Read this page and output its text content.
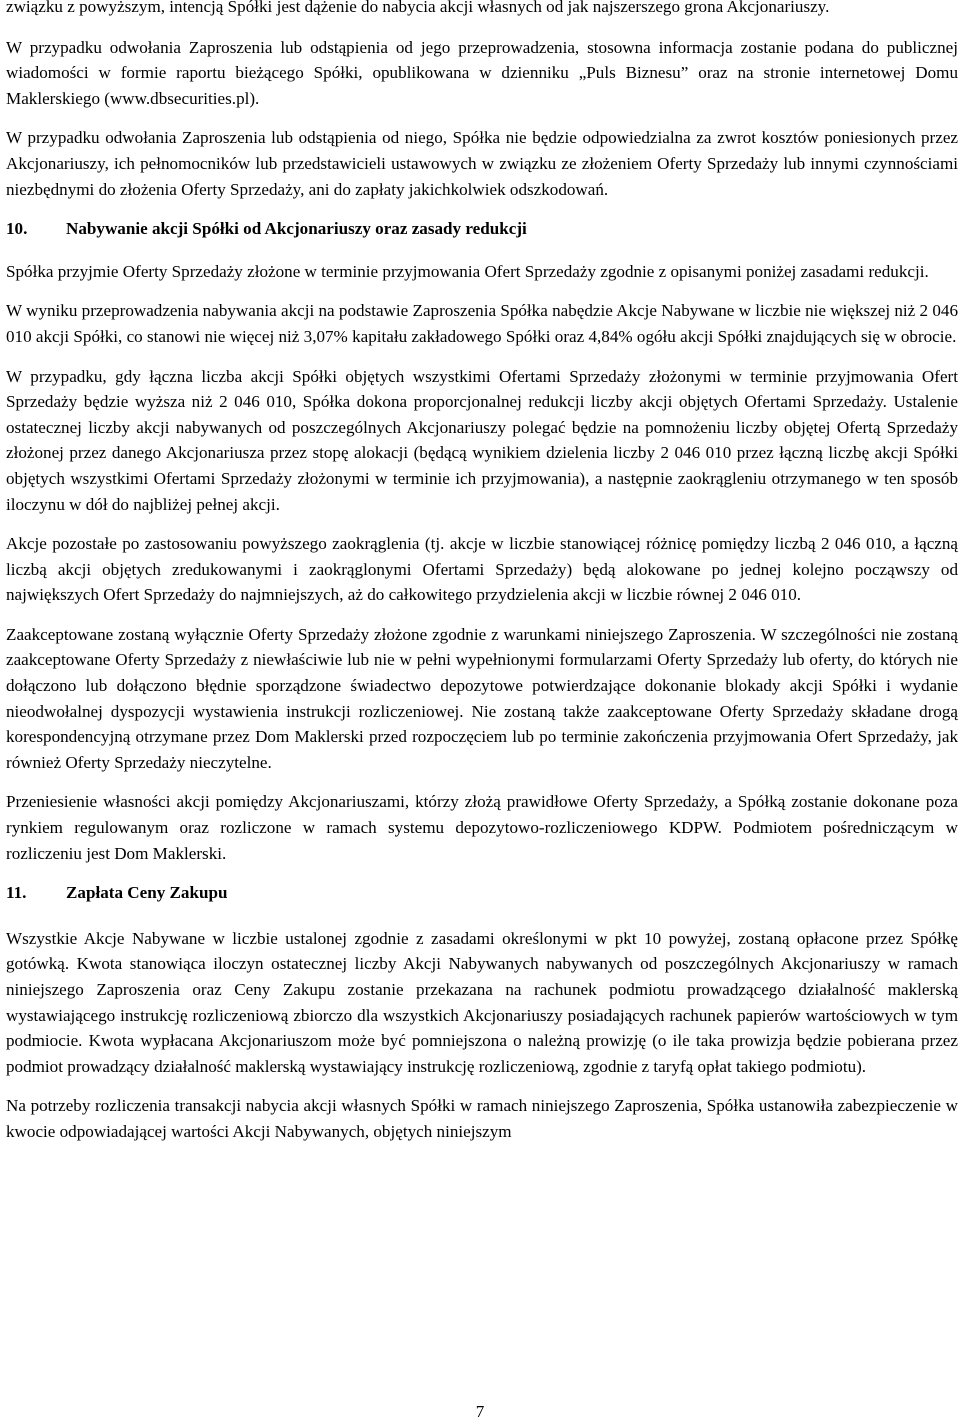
związku z powyższym, intencją Spółki jest dążenie do nabycia akcji własnych od jak najszerszego grona Akcjonariuszy.

W przypadku odwołania Zaproszenia lub odstąpienia od jego przeprowadzenia, stosowna informacja zostanie podana do publicznej wiadomości w formie raportu bieżącego Spółki, opublikowana w dzienniku „Puls Biznesu” oraz na stronie internetowej Domu Maklerskiego (www.dbsecurities.pl).

W przypadku odwołania Zaproszenia lub odstąpienia od niego, Spółka nie będzie odpowiedzialna za zwrot kosztów poniesionych przez Akcjonariuszy, ich pełnomocników lub przedstawicieli ustawowych w związku ze złożeniem Oferty Sprzedaży lub innymi czynnościami niezbędnymi do złożenia Oferty Sprzedaży, ani do zapłaty jakichkolwiek odszkodowań.

10.	Nabywanie akcji Spółki od Akcjonariuszy oraz zasady redukcji

Spółka przyjmie Oferty Sprzedaży złożone w terminie przyjmowania Ofert Sprzedaży zgodnie z opisanymi poniżej zasadami redukcji.

W wyniku przeprowadzenia nabywania akcji na podstawie Zaproszenia Spółka nabędzie Akcje Nabywane w liczbie nie większej niż 2 046 010 akcji Spółki, co stanowi nie więcej niż 3,07% kapitału zakładowego Spółki oraz 4,84% ogółu akcji Spółki znajdujących się w obrocie.

W przypadku, gdy łączna liczba akcji Spółki objętych wszystkimi Ofertami Sprzedaży złożonymi w terminie przyjmowania Ofert Sprzedaży będzie wyższa niż 2 046 010, Spółka dokona proporcjonalnej redukcji liczby akcji objętych Ofertami Sprzedaży. Ustalenie ostatecznej liczby akcji nabywanych od poszczególnych Akcjonariuszy polegać będzie na pomnożeniu liczby objętej Ofertą Sprzedaży złożonej przez danego Akcjonariusza przez stopę alokacji (będącą wynikiem dzielenia liczby 2 046 010 przez łączną liczbę akcji Spółki objętych wszystkimi Ofertami Sprzedaży złożonymi w terminie ich przyjmowania), a następnie zaokrągleniu otrzymanego w ten sposób iloczynu w dół do najbliżej pełnej akcji.

Akcje pozostałe po zastosowaniu powyższego zaokrąglenia (tj. akcje w liczbie stanowiącej różnicę pomiędzy liczbą 2 046 010, a łączną liczbą akcji objętych zredukowanymi i zaokrąglonymi Ofertami Sprzedaży) będą alokowane po jednej kolejno począwszy od największych Ofert Sprzedaży do najmniejszych, aż do całkowitego przydzielenia akcji w liczbie równej 2 046 010.

Zaakceptowane zostaną wyłącznie Oferty Sprzedaży złożone zgodnie z warunkami niniejszego Zaproszenia. W szczególności nie zostaną zaakceptowane Oferty Sprzedaży z niewłaściwie lub nie w pełni wypełnionymi formularzami Oferty Sprzedaży lub oferty, do których nie dołączono lub dołączono błędnie sporządzone świadectwo depozytowe potwierdzające dokonanie blokady akcji Spółki i wydanie nieodwołalnej dyspozycji wystawienia instrukcji rozliczeniowej. Nie zostaną także zaakceptowane Oferty Sprzedaży składane drogą korespondencyjną otrzymane przez Dom Maklerski przed rozpoczęciem lub po terminie zakończenia przyjmowania Ofert Sprzedaży, jak również Oferty Sprzedaży nieczytelne.

Przeniesienie własności akcji pomiędzy Akcjonariuszami, którzy złożą prawidłowe Oferty Sprzedaży, a Spółką zostanie dokonane poza rynkiem regulowanym oraz rozliczone w ramach systemu depozytowo-rozliczeniowego KDPW. Podmiotem pośredniczącym w rozliczeniu jest Dom Maklerski.

11.	Zapłata Ceny Zakupu

Wszystkie Akcje Nabywane w liczbie ustalonej zgodnie z zasadami określonymi w pkt 10 powyżej, zostaną opłacone przez Spółkę gotówką. Kwota stanowiąca iloczyn ostatecznej liczby Akcji Nabywanych nabywanych od poszczególnych Akcjonariuszy w ramach niniejszego Zaproszenia oraz Ceny Zakupu zostanie przekazana na rachunek podmiotu prowadzącego działalność maklerską wystawiającego instrukcję rozliczeniową zbiorczo dla wszystkich Akcjonariuszy posiadających rachunek papierów wartościowych w tym podmiocie. Kwota wypłacana Akcjonariuszom może być pomniejszona o należną prowizję (o ile taka prowizja będzie pobierana przez podmiot prowadzący działalność maklerską wystawiający instrukcję rozliczeniową, zgodnie z taryfą opłat takiego podmiotu).

Na potrzeby rozliczenia transakcji nabycia akcji własnych Spółki w ramach niniejszego Zaproszenia, Spółka ustanowiła zabezpieczenie w kwocie odpowiadającej wartości Akcji Nabywanych, objętych niniejszym

7
